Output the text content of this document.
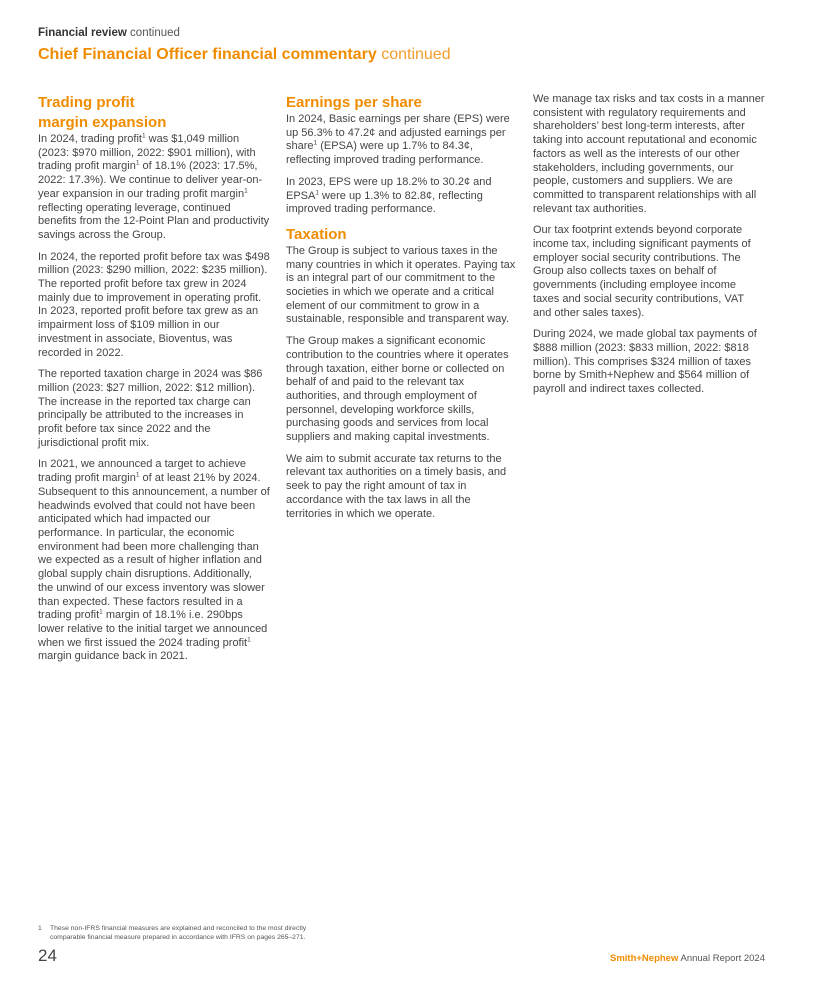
Financial review continued
Chief Financial Officer financial commentary continued
Trading profit
margin expansion

In 2024, trading profit$^1$ was $1,049 million (2023: $970 million, 2022: $901 million), with trading profit margin$^1$ of 18.1% (2023: 17.5%, 2022: 17.3%). We continue to deliver year-on-year expansion in our trading profit margin$^1$ reflecting operating leverage, continued benefits from the 12-Point Plan and productivity savings across the Group.

In 2024, the reported profit before tax was $498 million (2023: $290 million, 2022: $235 million). The reported profit before tax grew in 2024 mainly due to improvement in operating profit. In 2023, reported profit before tax grew as an impairment loss of $109 million in our investment in associate, Bioventus, was recorded in 2022.

The reported taxation charge in 2024 was $86 million (2023: $27 million, 2022: $12 million). The increase in the reported tax charge can principally be attributed to the increases in profit before tax since 2022 and the jurisdictional profit mix.

In 2021, we announced a target to achieve trading profit margin$^1$ of at least 21% by 2024. Subsequent to this announcement, a number of headwinds evolved that could not have been anticipated which had impacted our performance. In particular, the economic environment had been more challenging than we expected as a result of higher inflation and global supply chain disruptions. Additionally, the unwind of our excess inventory was slower than expected. These factors resulted in a trading profit$^1$ margin of 18.1% i.e. 290bps lower relative to the initial target we announced when we first issued the 2024 trading profit$^1$ margin guidance back in 2021.

Earnings per share

In 2024, Basic earnings per share (EPS) were up 56.3% to 47.2¢ and adjusted earnings per share$^1$ (EPSA) were up 1.7% to 84.3¢, reflecting improved trading performance.

In 2023, EPS were up 18.2% to 30.2¢ and EPSA$^1$ were up 1.3% to 82.8¢, reflecting improved trading performance.

Taxation

The Group is subject to various taxes in the many countries in which it operates. Paying tax is an integral part of our commitment to the societies in which we operate and a critical element of our commitment to grow in a sustainable, responsible and transparent way.

The Group makes a significant economic contribution to the countries where it operates through taxation, either borne or collected on behalf of and paid to the relevant tax authorities, and through employment of personnel, developing workforce skills, purchasing goods and services from local suppliers and making capital investments.

We aim to submit accurate tax returns to the relevant tax authorities on a timely basis, and seek to pay the right amount of tax in accordance with the tax laws in all the territories in which we operate.

We manage tax risks and tax costs in a manner consistent with regulatory requirements and shareholders’ best long-term interests, after taking into account reputational and economic factors as well as the interests of our other stakeholders, including governments, our people, customers and suppliers. We are committed to transparent relationships with all relevant tax authorities.

Our tax footprint extends beyond corporate income tax, including significant payments of employer social security contributions. The Group also collects taxes on behalf of governments (including employee income taxes and social security contributions, VAT and other sales taxes).

During 2024, we made global tax payments of $888 million (2023: $833 million, 2022: $818 million). This comprises $324 million of taxes borne by Smith+Nephew and $564 million of payroll and indirect taxes collected.

1 These non-IFRS financial measures are explained and reconciled to the most directly
comparable financial measure prepared in accordance with IFRS on pages 265–271.
24	Smith+Nephew Annual Report 2024
